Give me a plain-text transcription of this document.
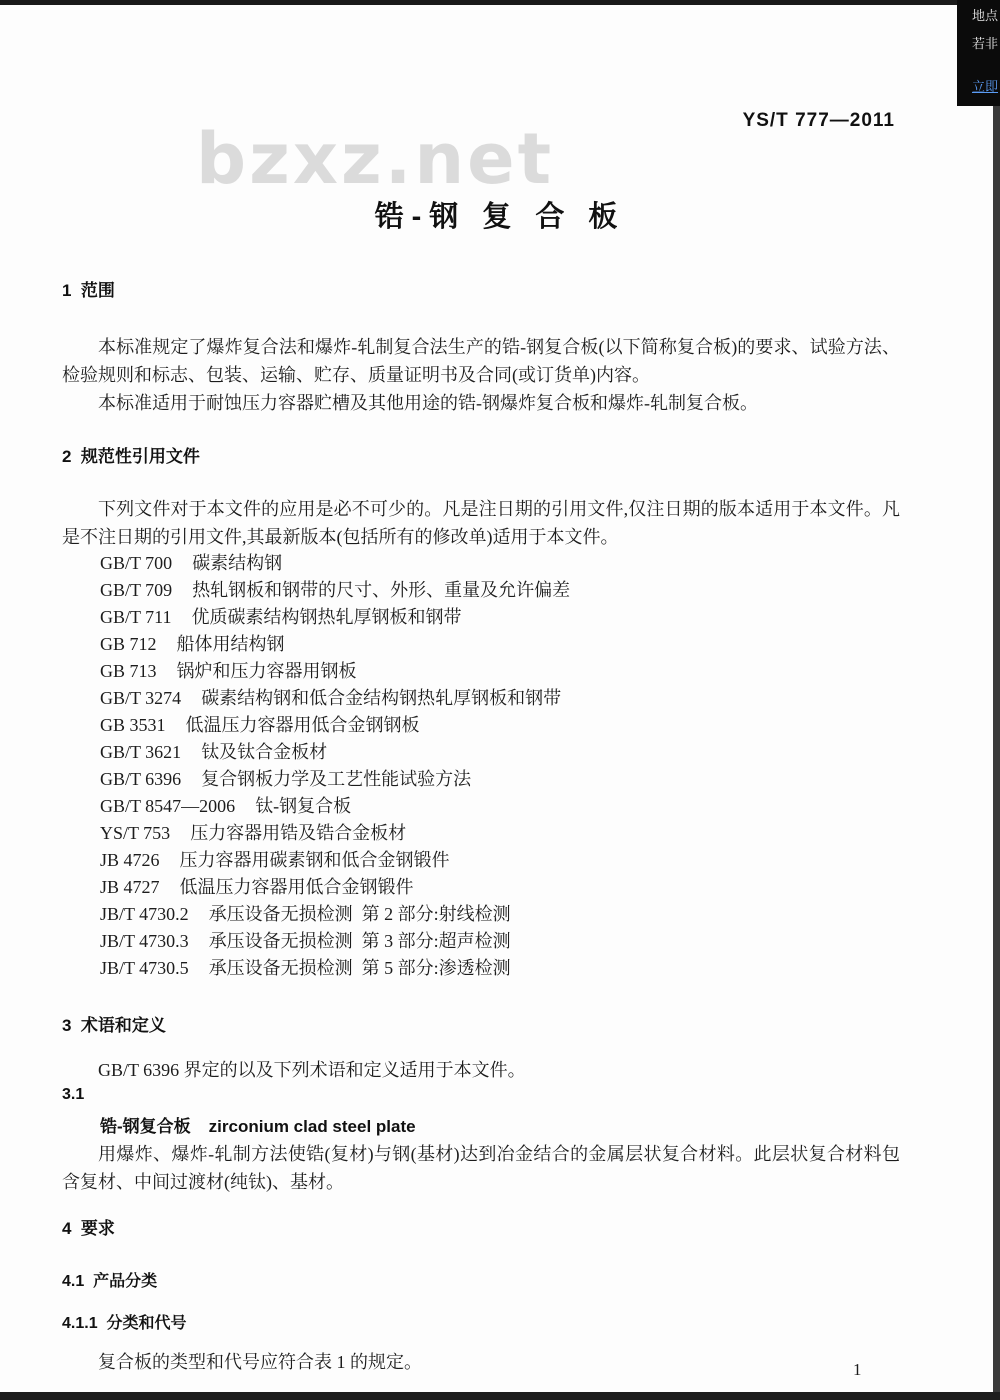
地点
若非
立即
YS/T 777—2011
bzxz.net
锆-钢 复 合 板
1  范围

本标准规定了爆炸复合法和爆炸-轧制复合法生产的锆-钢复合板(以下简称复合板)的要求、试验方法、检验规则和标志、包装、运输、贮存、质量证明书及合同(或订货单)内容。

本标准适用于耐蚀压力容器贮槽及其他用途的锆-钢爆炸复合板和爆炸-轧制复合板。

2  规范性引用文件

下列文件对于本文件的应用是必不可少的。凡是注日期的引用文件,仅注日期的版本适用于本文件。凡是不注日期的引用文件,其最新版本(包括所有的修改单)适用于本文件。

GB/T 700 碳素结构钢
GB/T 709 热轧钢板和钢带的尺寸、外形、重量及允许偏差
GB/T 711 优质碳素结构钢热轧厚钢板和钢带
GB 712 船体用结构钢
GB 713 锅炉和压力容器用钢板
GB/T 3274 碳素结构钢和低合金结构钢热轧厚钢板和钢带
GB 3531 低温压力容器用低合金钢钢板
GB/T 3621 钛及钛合金板材
GB/T 6396 复合钢板力学及工艺性能试验方法
GB/T 8547—2006 钛-钢复合板
YS/T 753 压力容器用锆及锆合金板材
JB 4726 压力容器用碳素钢和低合金钢锻件
JB 4727 低温压力容器用低合金钢锻件
JB/T 4730.2 承压设备无损检测  第 2 部分:射线检测
JB/T 4730.3 承压设备无损检测  第 3 部分:超声检测
JB/T 4730.5 承压设备无损检测  第 5 部分:渗透检测
3  术语和定义
GB/T 6396 界定的以及下列术语和定义适用于本文件。
3.1
锆-钢复合板 zirconium clad steel plate

用爆炸、爆炸-轧制方法使锆(复材)与钢(基材)达到冶金结合的金属层状复合材料。此层状复合材料包含复材、中间过渡材(纯钛)、基材。

4  要求
4.1  产品分类
4.1.1  分类和代号
复合板的类型和代号应符合表 1 的规定。	1
